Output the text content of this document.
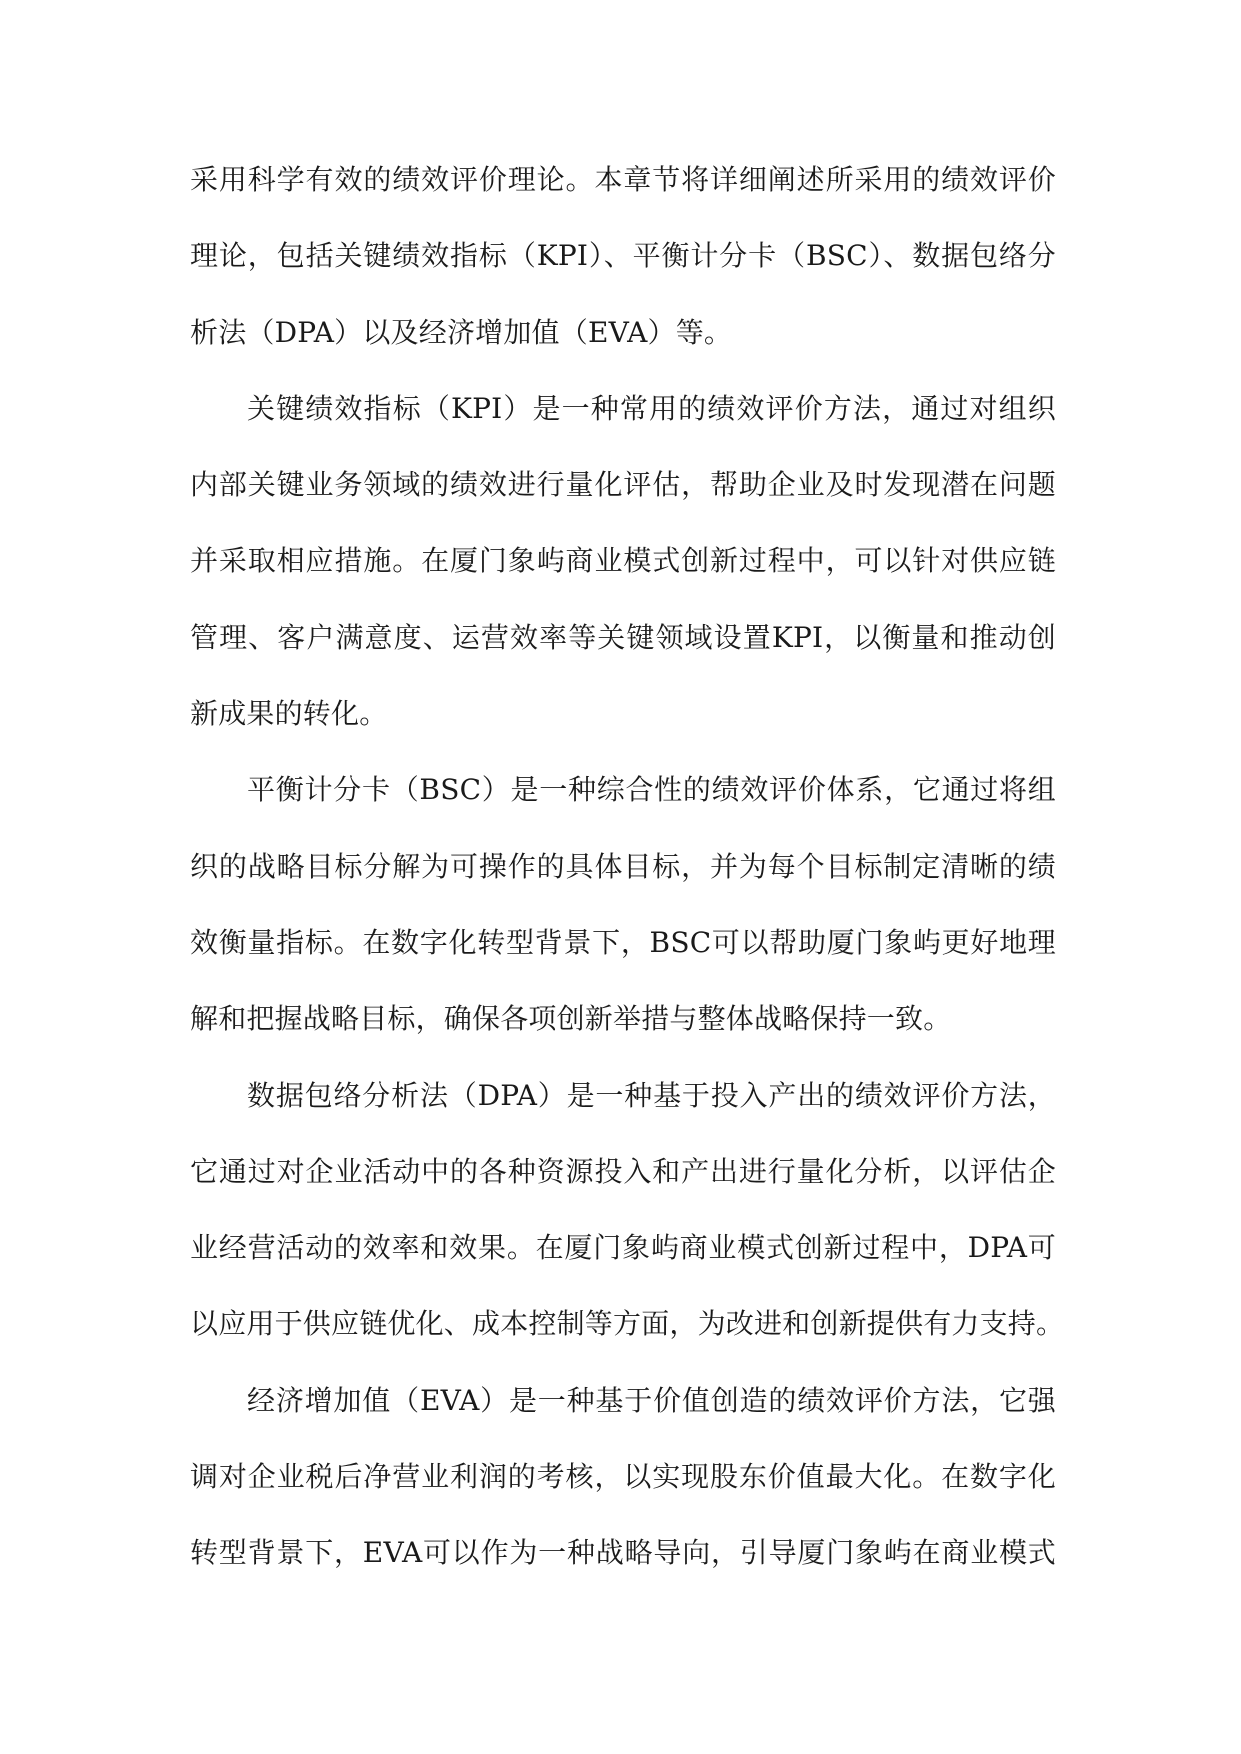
采用科学有效的绩效评价理论。本章节将详细阐述所采用的绩效评价
理论，包括关键绩效指标（KPI）、平衡计分卡（BSC）、数据包络分
析法（DPA）以及经济增加值（EVA）等。
关键绩效指标（KPI）是一种常用的绩效评价方法，通过对组织
内部关键业务领域的绩效进行量化评估，帮助企业及时发现潜在问题
并采取相应措施。在厦门象屿商业模式创新过程中，可以针对供应链
管理、客户满意度、运营效率等关键领域设置KPI，以衡量和推动创
新成果的转化。
平衡计分卡（BSC）是一种综合性的绩效评价体系，它通过将组
织的战略目标分解为可操作的具体目标，并为每个目标制定清晰的绩
效衡量指标。在数字化转型背景下，BSC可以帮助厦门象屿更好地理
解和把握战略目标，确保各项创新举措与整体战略保持一致。
数据包络分析法（DPA）是一种基于投入产出的绩效评价方法，
它通过对企业活动中的各种资源投入和产出进行量化分析，以评估企
业经营活动的效率和效果。在厦门象屿商业模式创新过程中，DPA可
以应用于供应链优化、成本控制等方面，为改进和创新提供有力支持。
经济增加值（EVA）是一种基于价值创造的绩效评价方法，它强
调对企业税后净营业利润的考核，以实现股东价值最大化。在数字化
转型背景下，EVA可以作为一种战略导向，引导厦门象屿在商业模式
